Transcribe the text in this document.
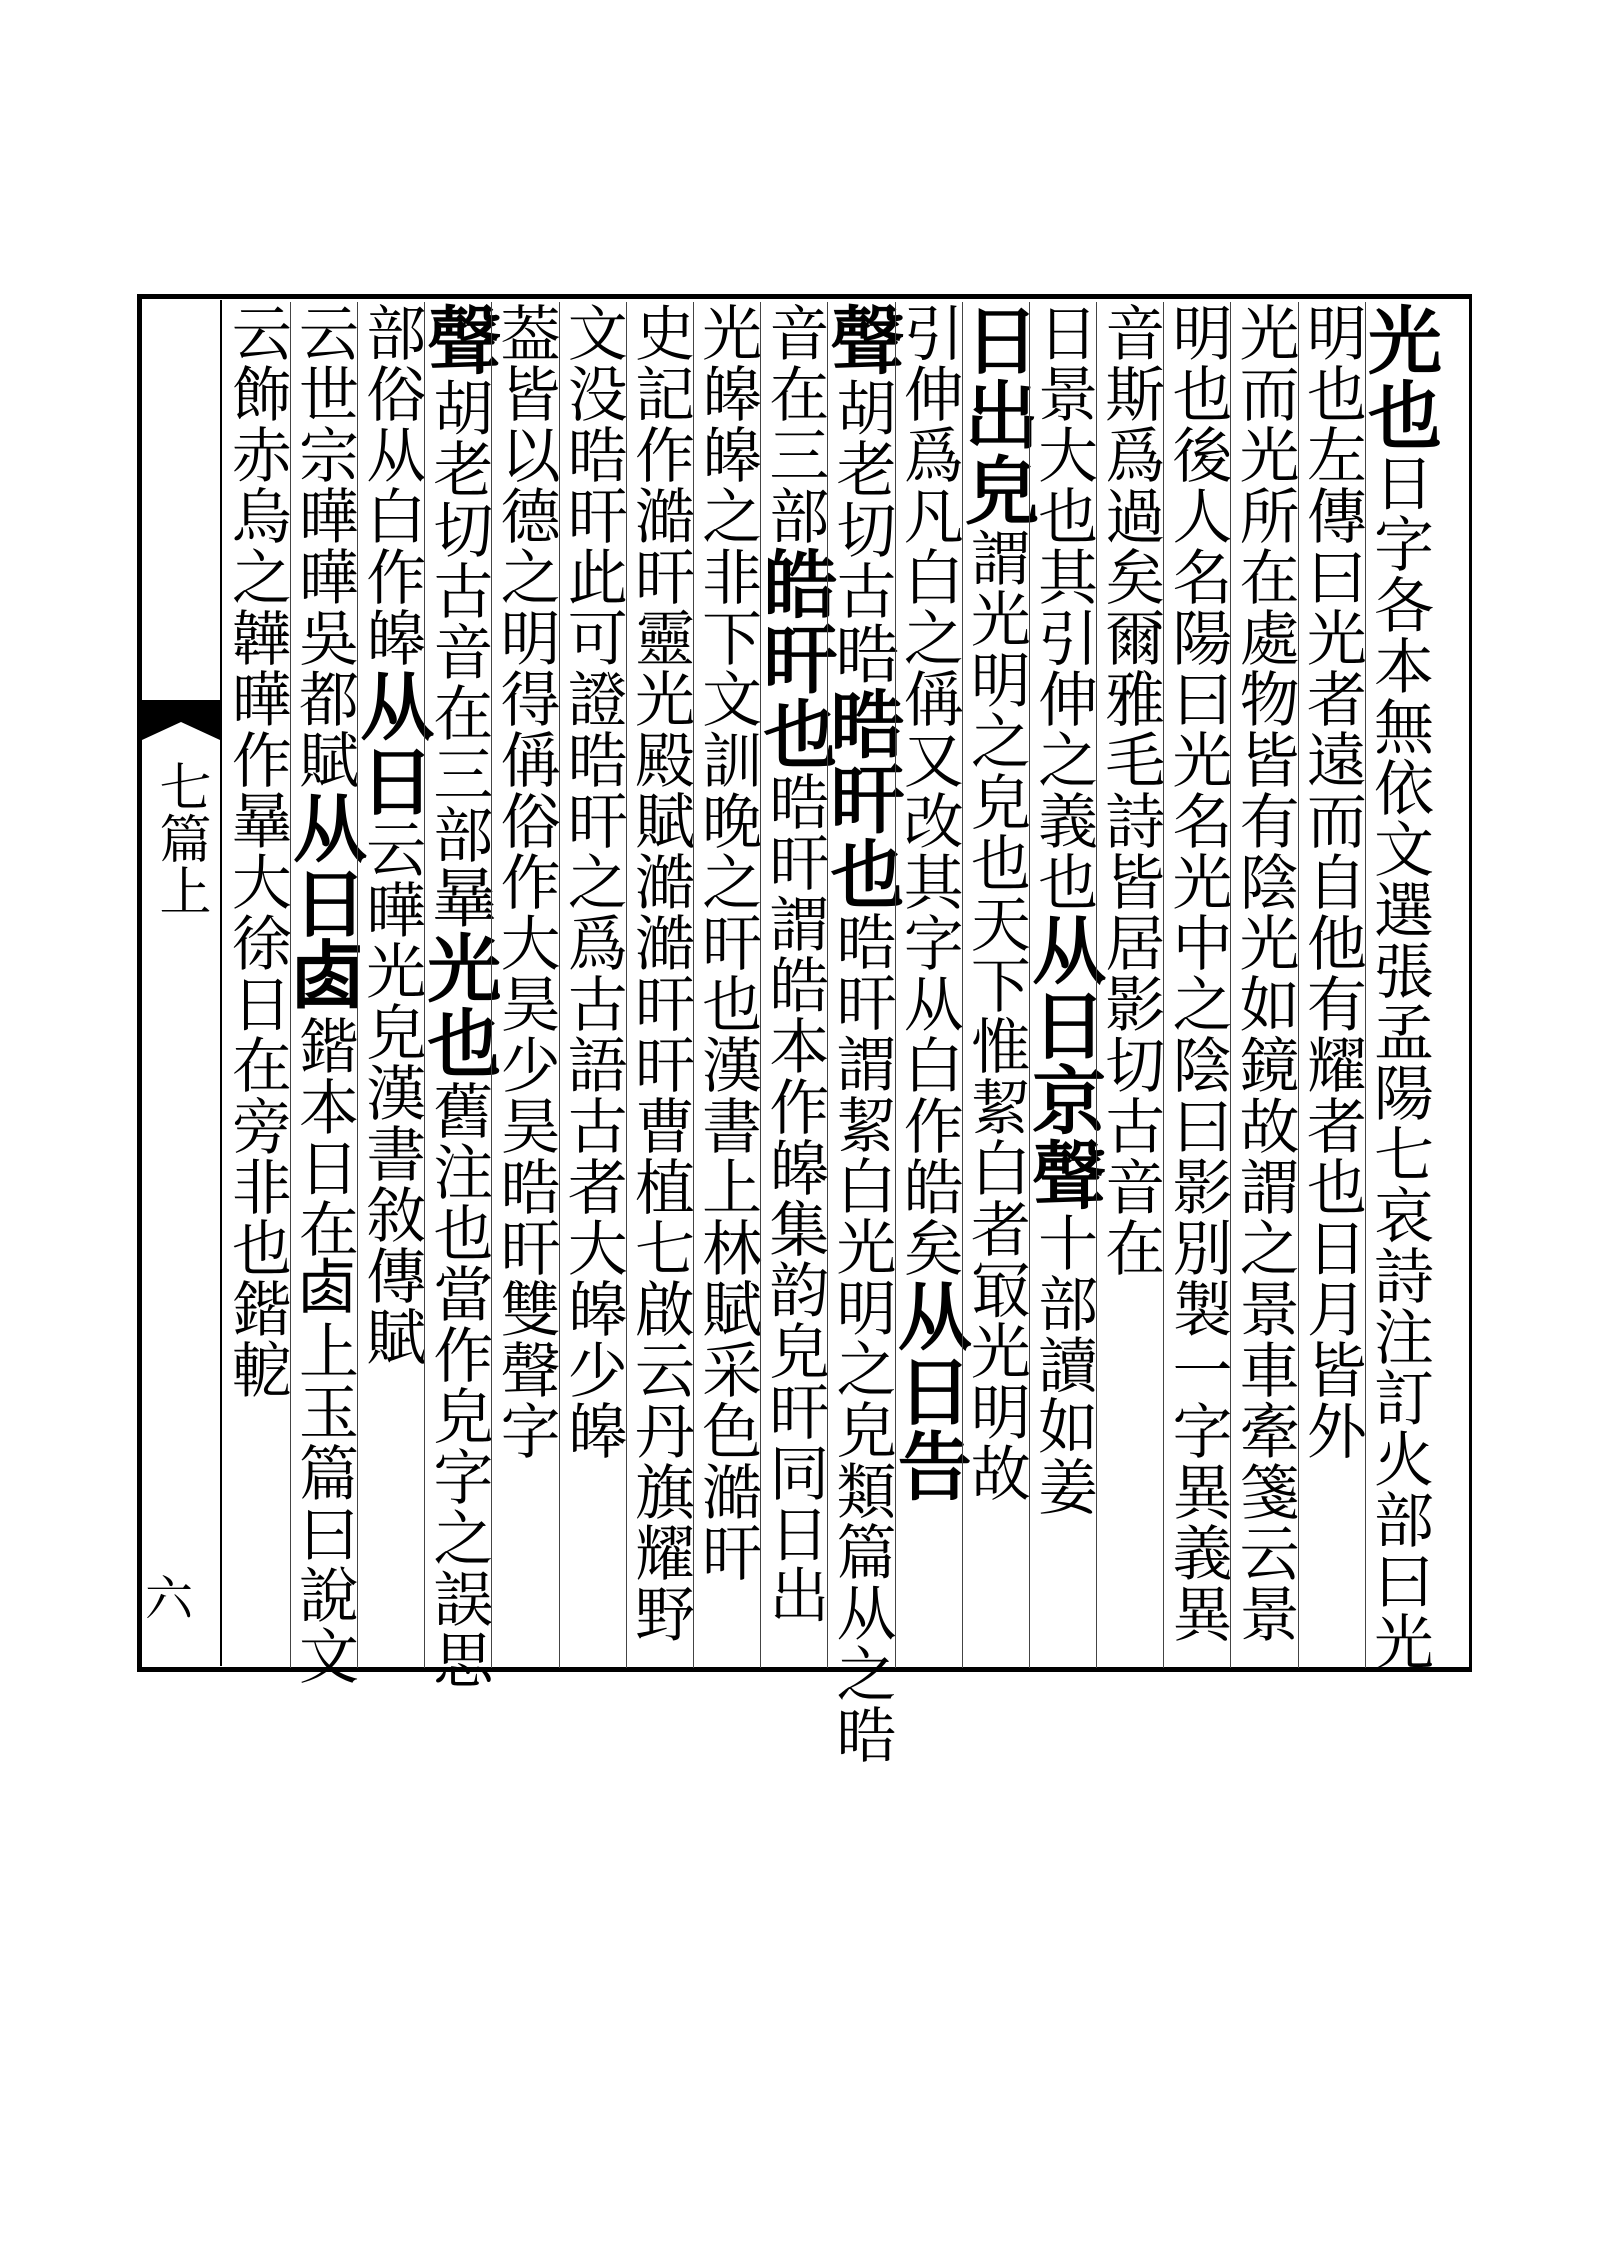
七篇上
六
光也日字各本無依文選張孟陽七哀詩注訂火部曰光
明也左傳曰光者遠而自他有耀者也日月皆外
光而光所在處物皆有陰光如鏡故謂之景車牽箋云景
明也後人名陽曰光名光中之陰曰影別製一字異義異
音斯爲過矣爾雅毛詩皆居影切古音在
日景大也其引伸之義也从日京聲十部讀如姜
日出皃謂光明之皃也天下惟絜白者冣光明故
引伸爲凡白之偁又改其字从白作皓矣从日告
聲胡老切古晧晧旰也晧旰謂絜白光明之皃類篇从之晧
音在三部皓旰也晧旰謂皓本作皞集韵皃旰同日出
光皞皞之非下文訓晚之旰也漢書上林賦采色澔旰
史記作澔旰靈光殿賦澔澔旰旰曹植七啟云丹旗耀野
文没晧旰此可證晧旰之爲古語古者大皞少皞
葢皆以德之明得偁俗作大昊少昊晧旰雙聲字
聲胡老切古音在三部曅光也舊注也當作皃字之誤思
部俗从白作皞从日云曄光皃漢書敘傳賦
云世宗曄曄吳都賦从日𠧪鍇本日在𠧪上玉篇曰說文
云飾赤烏之韡曄作曅大徐日在旁非也鍇軶
